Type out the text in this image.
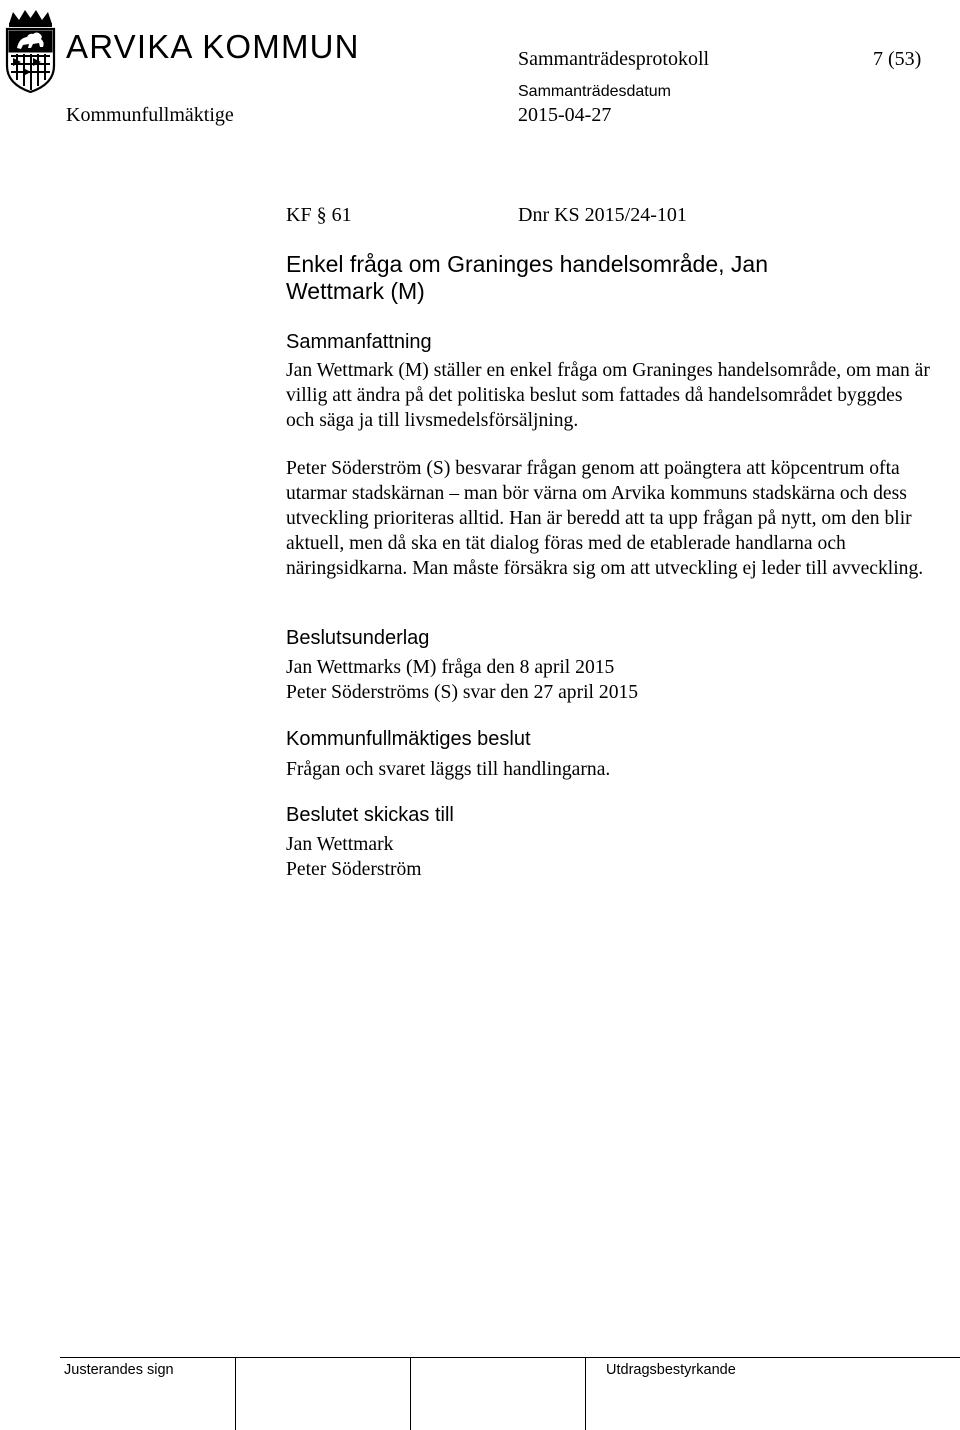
ARVIKA KOMMUN	Sammanträdesprotokoll	7 (53)
Kommunfullmäktige
Sammanträdesdatum
2015-04-27
KF § 61	Dnr KS 2015/24-101
Enkel fråga om Graninges handelsområde, Jan
Wettmark (M)
Sammanfattning

Jan Wettmark (M) ställer en enkel fråga om Graninges handelsområde, om man är villig att ändra på det politiska beslut som fattades då handelsområdet byggdes och säga ja till livsmedelsförsäljning.

Peter Söderström (S) besvarar frågan genom att poängtera att köpcentrum ofta utarmar stadskärnan – man bör värna om Arvika kommuns stadskärna och dess utveckling prioriteras alltid. Han är beredd att ta upp frågan på nytt, om den blir aktuell, men då ska en tät dialog föras med de etablerade handlarna och näringsidkarna. Man måste försäkra sig om att utveckling ej leder till avveckling.

Beslutsunderlag
Jan Wettmarks (M) fråga den 8 april 2015
Peter Söderströms (S) svar den 27 april 2015
Kommunfullmäktiges beslut

Frågan och svaret läggs till handlingarna.

Beslutet skickas till
Jan Wettmark
Peter Söderström
Justerandes sign	Utdragsbestyrkande
